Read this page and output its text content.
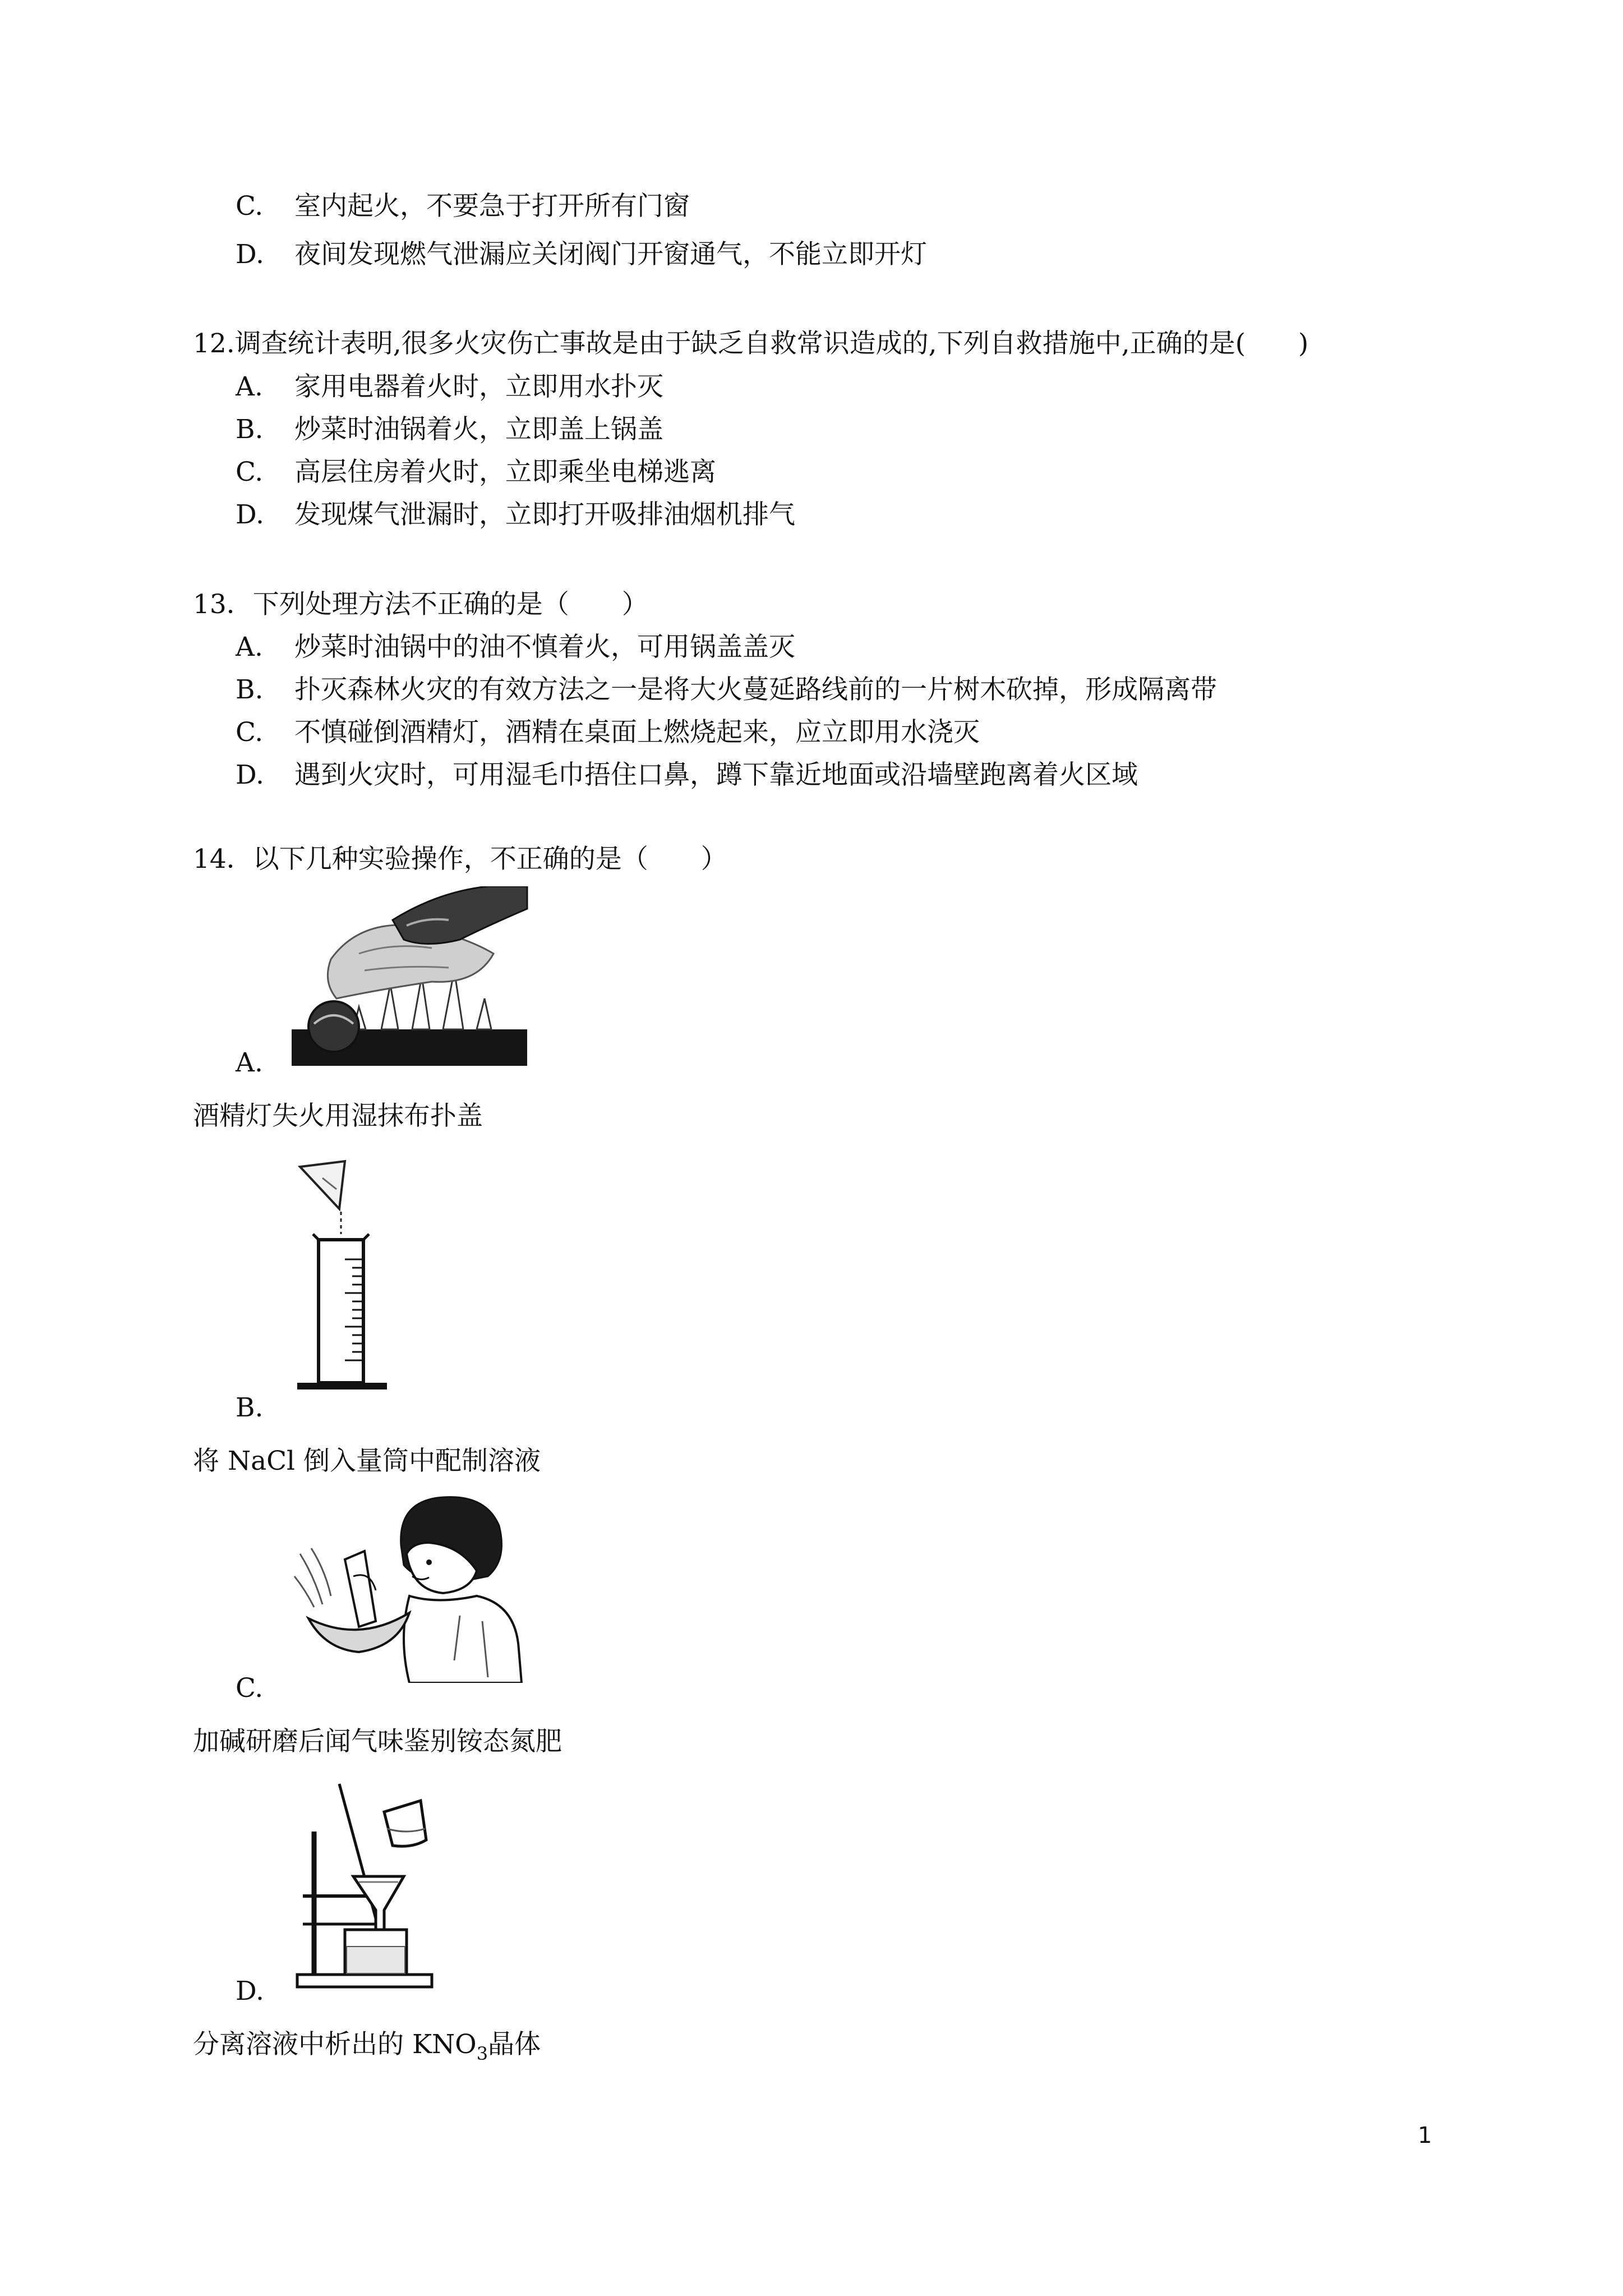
C. 室内起火，不要急于打开所有门窗
D. 夜间发现燃气泄漏应关闭阀门开窗通气，不能立即开灯
12.调查统计表明,很多火灾伤亡事故是由于缺乏自救常识造成的,下列自救措施中,正确的是(　　)
A. 家用电器着火时，立即用水扑灭
B. 炒菜时油锅着火，立即盖上锅盖
C. 高层住房着火时，立即乘坐电梯逃离
D. 发现煤气泄漏时，立即打开吸排油烟机排气
13．下列处理方法不正确的是（　　）
A. 炒菜时油锅中的油不慎着火，可用锅盖盖灭
B. 扑灭森林火灾的有效方法之一是将大火蔓延路线前的一片树木砍掉，形成隔离带
C. 不慎碰倒酒精灯，酒精在桌面上燃烧起来，应立即用水浇灭
D. 遇到火灾时，可用湿毛巾捂住口鼻，蹲下靠近地面或沿墙壁跑离着火区域
14．以下几种实验操作，不正确的是（　　）
A.
酒精灯失火用湿抹布扑盖
B.
将 NaCl 倒入量筒中配制溶液
C.
加碱研磨后闻气味鉴别铵态氮肥
D.
分离溶液中析出的 $KNO_3$晶体
1
